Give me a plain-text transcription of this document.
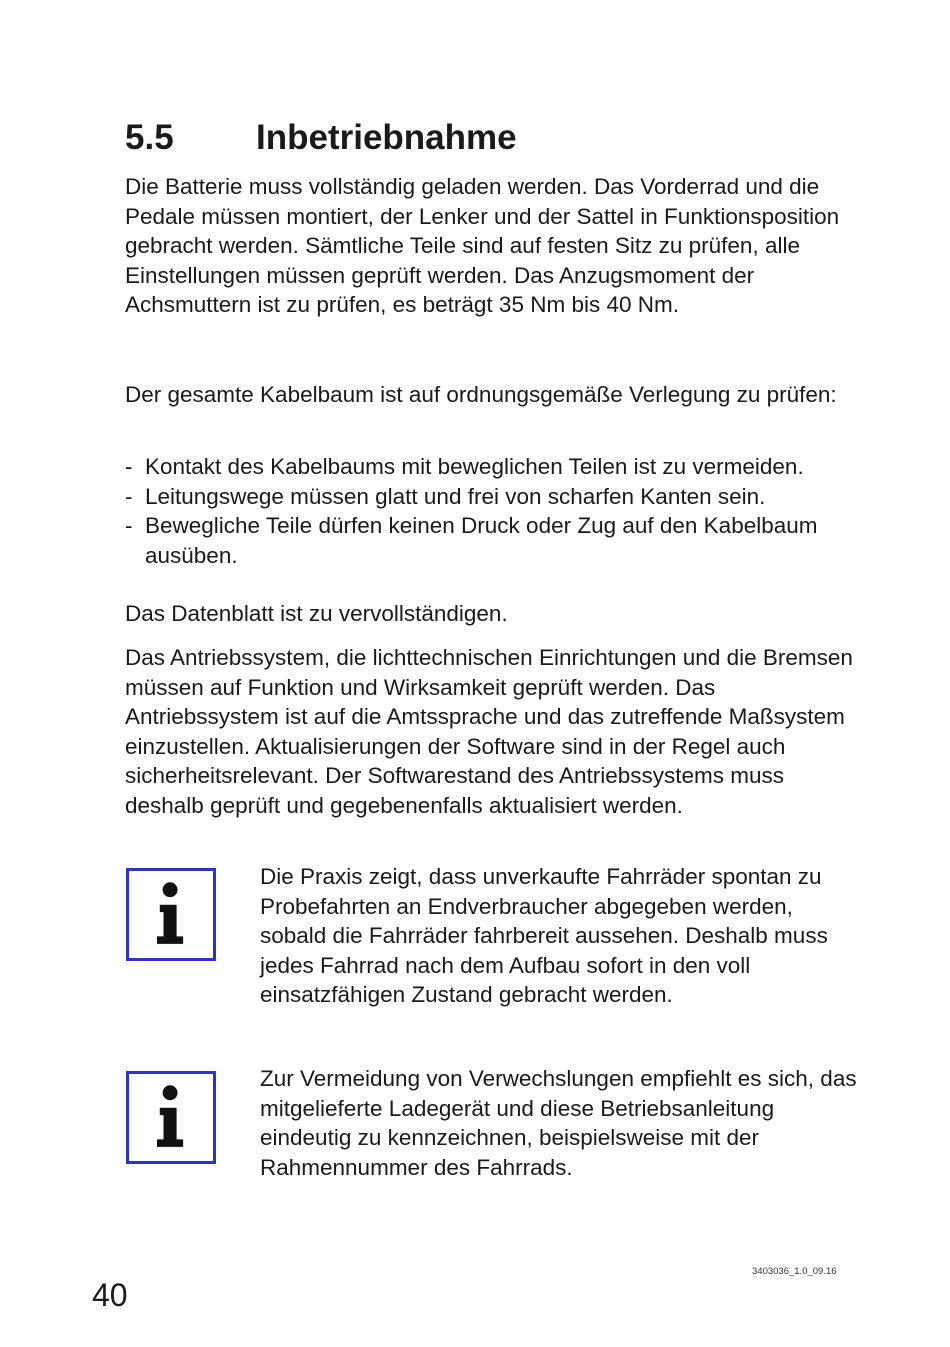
5.5 Inbetriebnahme

Die Batterie muss vollständig geladen werden. Das Vorderrad und die Pedale müssen montiert, der Lenker und der Sattel in Funktionsposition gebracht werden. Sämtliche Teile sind auf festen Sitz zu prüfen, alle Einstellungen müssen geprüft werden. Das Anzugsmoment der Achsmuttern ist zu prüfen, es beträgt 35 Nm bis 40 Nm.

Der gesamte Kabelbaum ist auf ordnungsgemäße Verlegung zu prüfen:

- Kontakt des Kabelbaums mit beweglichen Teilen ist zu vermeiden.
- Leitungswege müssen glatt und frei von scharfen Kanten sein.
- Bewegliche Teile dürfen keinen Druck oder Zug auf den Kabelbaum ausüben.

Das Datenblatt ist zu vervollständigen.

Das Antriebssystem, die lichttechnischen Einrichtungen und die Bremsen müssen auf Funktion und Wirksamkeit geprüft werden. Das Antriebssystem ist auf die Amtssprache und das zutreffende Maßsystem einzustellen. Aktualisierungen der Software sind in der Regel auch sicherheitsrelevant. Der Softwarestand des Antriebssystems muss deshalb geprüft und gegebenenfalls aktualisiert werden.

Die Praxis zeigt, dass unverkaufte Fahrräder spontan zu Probefahrten an Endverbraucher abgegeben werden, sobald die Fahrräder fahrbereit aussehen. Deshalb muss jedes Fahrrad nach dem Aufbau sofort in den voll einsatzfähigen Zustand gebracht werden.

Zur Vermeidung von Verwechslungen empfiehlt es sich, das mitgelieferte Ladegerät und diese Betriebsanleitung eindeutig zu kennzeichnen, beispielsweise mit der Rahmennummer des Fahrrads.

40
3403036_1.0_09.16
